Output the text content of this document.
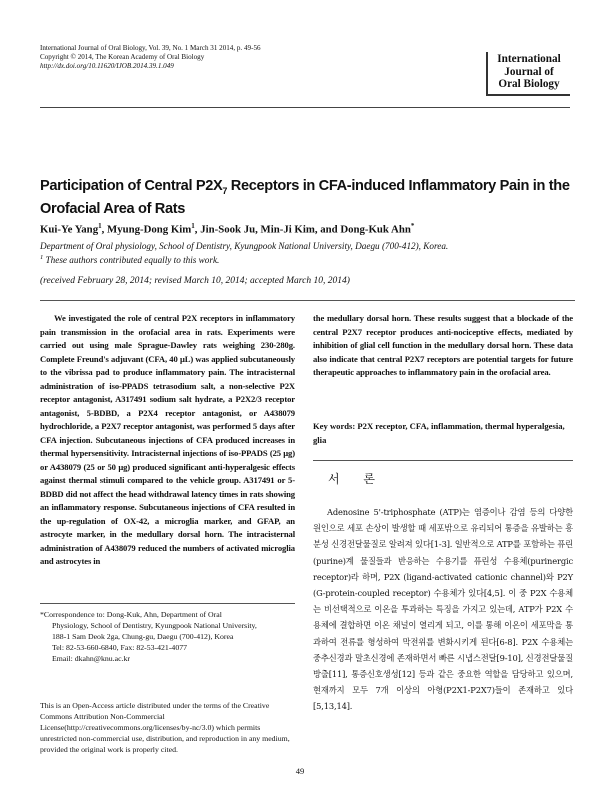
International Journal of Oral Biology, Vol. 39, No. 1 March 31 2014, p. 49-56
Copyright © 2014, The Korean Academy of Oral Biology
http://dx.doi.org/10.11620/IJOB.2014.39.1.049
International
Journal of
Oral Biology
Participation of Central $P2X_7$ Receptors in CFA-induced Inflammatory Pain in the Orofacial Area of Rats
Kui-Ye Yang$^1$, Myung-Dong Kim$^1$, Jin-Sook Ju, Min-Ji Kim, and Dong-Kuk Ahn*
Department of Oral physiology, School of Dentistry, Kyungpook National University, Daegu (700-412), Korea.
$^1$ These authors contributed equally to this work.
(received February 28, 2014; revised March 10, 2014; accepted March 10, 2014)
We investigated the role of central P2X receptors in inflammatory pain transmission in the orofacial area in rats. Experiments were carried out using male Sprague-Dawley rats weighing 230-280g. Complete Freund's adjuvant (CFA, 40 μL) was applied subcutaneously to the vibrissa pad to produce inflammatory pain. The intracisternal administration of iso-PPADS tetrasodium salt, a non-selective P2X receptor antagonist, A317491 sodium salt hydrate, a P2X2/3 receptor antagonist, 5-BDBD, a P2X4 receptor antagonist, or A438079 hydrochloride, a P2X7 receptor antagonist, was performed 5 days after CFA injection. Subcutaneous injections of CFA produced increases in thermal hypersensitivity. Intracisternal injections of iso-PPADS (25 μg) or A438079 (25 or 50 μg) produced significant anti-hyperalgesic effects against thermal stimuli compared to the vehicle group. A317491 or 5-BDBD did not affect the head withdrawal latency times in rats showing an inflammatory response. Subcutaneous injections of CFA resulted in the up-regulation of OX-42, a microglia marker, and GFAP, an astrocyte marker, in the medullary dorsal horn. The intracisternal administration of A438079 reduced the numbers of activated microglia and astrocytes in
the medullary dorsal horn. These results suggest that a blockade of the central P2X7 receptor produces anti-nociceptive effects, mediated by inhibition of glial cell function in the medullary dorsal horn. These data also indicate that central P2X7 receptors are potential targets for future therapeutic approaches to inflammatory pain in the orofacial area.
Key words: P2X receptor, CFA, inflammation, thermal hyperalgesia, glia
서 론
Adenosine 5'-triphosphate (ATP)는 염증이나 감염 등의 다양한 원인으로 세포 손상이 발생할 때 세포밖으로 유리되어 통증을 유발하는 흥분성 신경전달물질로 알려져 있다[1-3]. 일반적으로 ATP를 포함하는 퓨린(purine)계 물질들과 반응하는 수용기를 퓨린성 수용체(purinergic receptor)라 하며, P2X (ligand-activated cationic channel)와 P2Y (G-protein-coupled receptor) 수용체가 있다[4,5]. 이 중 P2X 수용체는 비선택적으로 이온을 투과하는 특징을 가지고 있는데, ATP가 P2X 수용체에 결합하면 이온 채널이 열리게 되고, 이를 통해 이온이 세포막을 통과하여 전류를 형성하여 막전위를 변화시키게 된다[6-8]. P2X 수용체는 중추신경과 말초신경에 존재하면서 빠른 시냅스전달[9-10], 신경전달물질방출[11], 통증신호생성[12] 등과 같은 중요한 역할을 담당하고 있으며, 현재까지 모두 7개 이상의 아형(P2X1-P2X7)들이 존재하고 있다[5,13,14].
*Correspondence to: Dong-Kuk, Ahn, Department of Oral
Physiology, School of Dentistry, Kyungpook National University,
188-1 Sam Deok 2ga, Chung-gu, Daegu (700-412), Korea
Tel: 82-53-660-6840, Fax: 82-53-421-4077
Email: dkahn@knu.ac.kr
This is an Open-Access article distributed under the terms of the Creative Commons Attribution Non-Commercial License(http://creativecommons.org/licenses/by-nc/3.0) which permits unrestricted non-commercial use, distribution, and reproduction in any medium, provided the original work is properly cited.
49
